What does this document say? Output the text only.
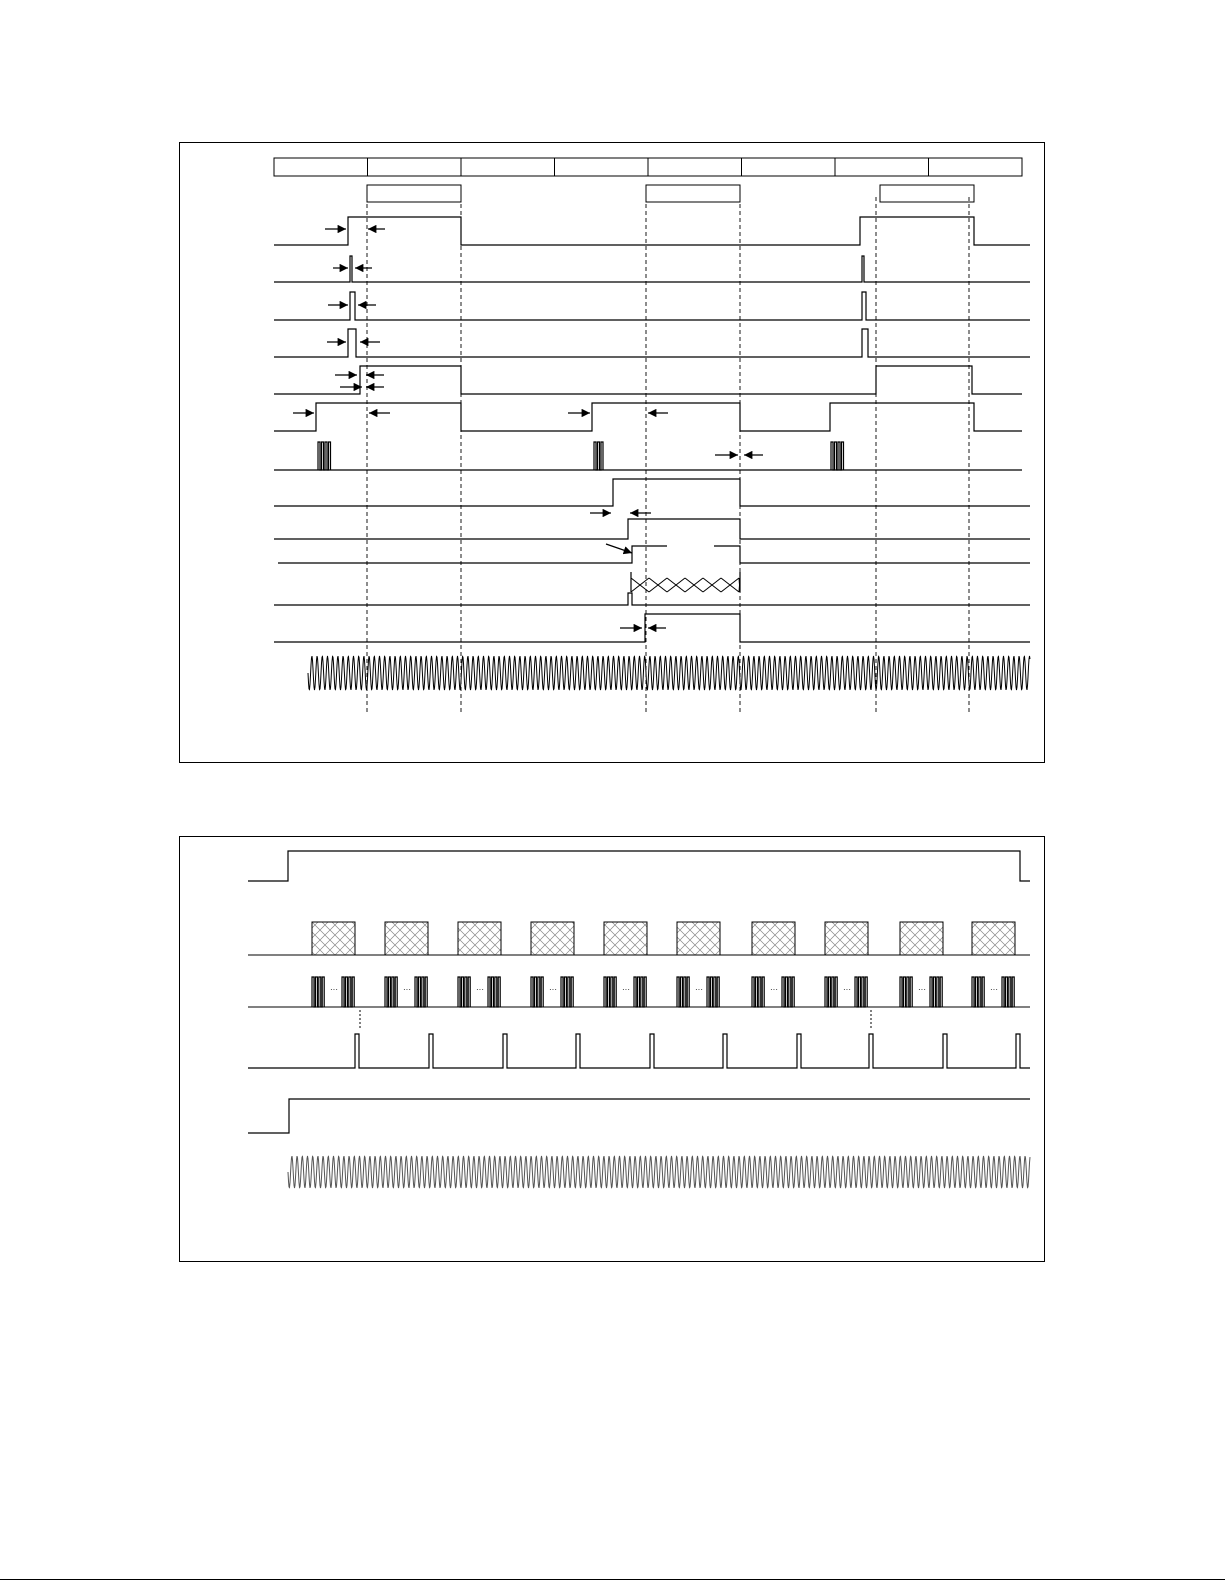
···	···	···	···	···	···	···	···	···	···
